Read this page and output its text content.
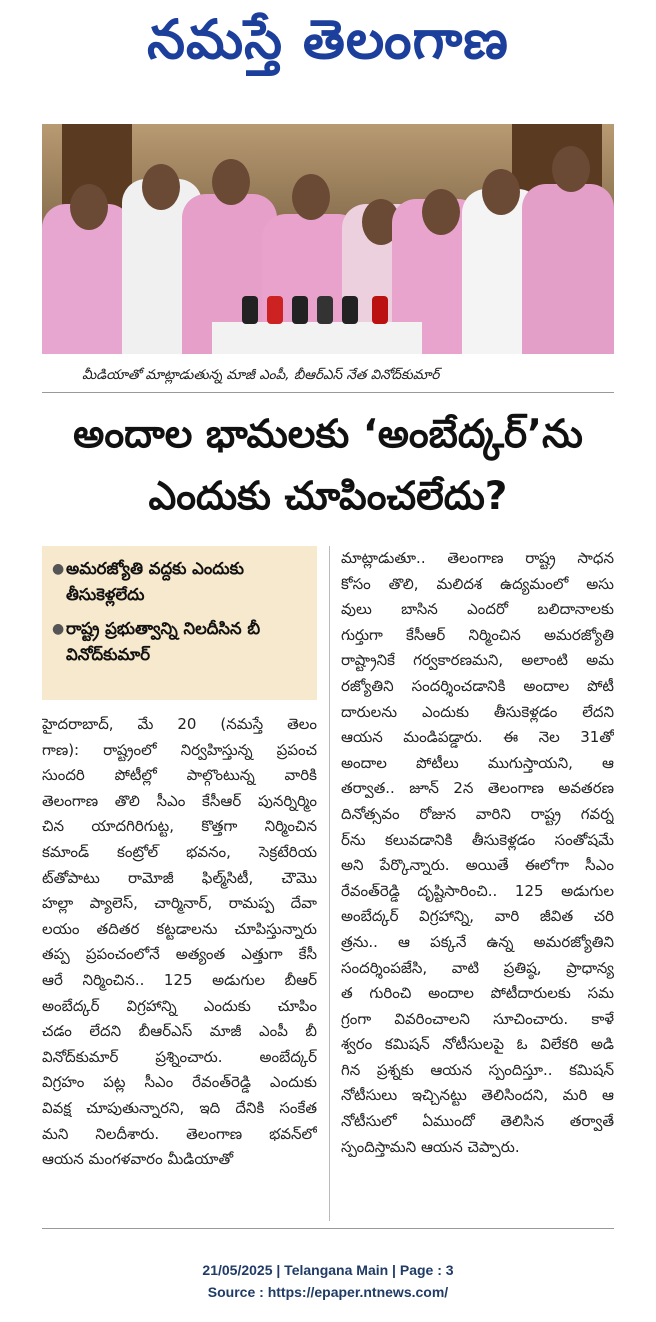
నమస్తే తెలంగాణ
మీడియాతో మాట్లాడుతున్న మాజీ ఎంపీ, బీఆర్ఎస్ నేత వినోద్‌కుమార్
అందాల భామలకు ‘అంబేద్కర్’ను
ఎందుకు చూపించలేదు?
● అమరజ్యోతి వద్దకు ఎందుకు తీసుకెళ్లలేదు
● రాష్ట్ర ప్రభుత్వాన్ని నిలదీసిన బీ వినోద్‌కుమార్
హైదరాబాద్, మే 20 (నమస్తే తెలం
గాణ): రాష్ట్రంలో నిర్వహిస్తున్న ప్రపంచ
సుందరి పోటీల్లో పాల్గొంటున్న వారికి
తెలంగాణ తొలి సీఎం కేసీఆర్ పునర్నిర్మిం
చిన యాదగిరిగుట్ట, కొత్తగా నిర్మించిన
కమాండ్ కంట్రోల్ భవనం, సెక్రటేరియ
ట్‌తోపాటు రామోజీ ఫిల్మ్‌సిటీ, చౌమొ
హల్లా ప్యాలెస్, చార్మినార్, రామప్ప దేవా
లయం తదితర కట్టడాలను చూపిస్తున్నారు
తప్ప ప్రపంచంలోనే అత్యంత ఎత్తుగా కేసీ
ఆరే నిర్మించిన.. 125 అడుగుల బీఆర్
అంబేద్కర్ విగ్రహాన్ని ఎందుకు చూపిం
చడం లేదని బీఆర్ఎస్ మాజీ ఎంపీ బీ
వినోద్‌కుమార్ ప్రశ్నించారు. అంబేద్కర్
విగ్రహం పట్ల సీఎం రేవంత్‌రెడ్డి ఎందుకు
వివక్ష చూపుతున్నారని, ఇది దేనికి సంకేత
మని నిలదీశారు. తెలంగాణ భవన్‌లో
ఆయన మంగళవారం మీడియాతో
మాట్లాడుతూ.. తెలంగాణ రాష్ట్ర సాధన
కోసం తొలి, మలిదశ ఉద్యమంలో అసు
వులు బాసిన ఎందరో బలిదానాలకు
గుర్తుగా కేసీఆర్ నిర్మించిన అమరజ్యోతి
రాష్ట్రానికే గర్వకారణమని, అలాంటి అమ
రజ్యోతిని సందర్శించడానికి అందాల పోటీ
దారులను ఎందుకు తీసుకెళ్లడం లేదని
ఆయన మండిపడ్డారు. ఈ నెల 31తో
అందాల పోటీలు ముగుస్తాయని, ఆ
తర్వాత.. జూన్ 2న తెలంగాణ అవతరణ
దినోత్సవం రోజున వారిని రాష్ట్ర గవర్న
ర్‌ను కలువడానికి తీసుకెళ్లడం సంతోషమే
అని పేర్కొన్నారు. అయితే ఈలోగా సీఎం
రేవంత్‌రెడ్డి దృష్టిసారించి.. 125 అడుగుల
అంబేద్కర్ విగ్రహాన్ని, వారి జీవిత చరి
త్రను.. ఆ పక్కనే ఉన్న అమరజ్యోతిని
సందర్శింపజేసి, వాటి ప్రతిష్ఠ, ప్రాధాన్య
త గురించి అందాల పోటీదారులకు సమ
గ్రంగా వివరించాలని సూచించారు. కాళే
శ్వరం కమిషన్ నోటీసులపై ఓ విలేకరి అడి
గిన ప్రశ్నకు ఆయన స్పందిస్తూ.. కమిషన్
నోటీసులు ఇచ్చినట్టు తెలిసిందని, మరి ఆ
నోటీసులో ఏముందో తెలిసిన తర్వాతే
స్పందిస్తామని ఆయన చెప్పారు.
21/05/2025 | Telangana Main | Page : 3
Source : https://epaper.ntnews.com/
